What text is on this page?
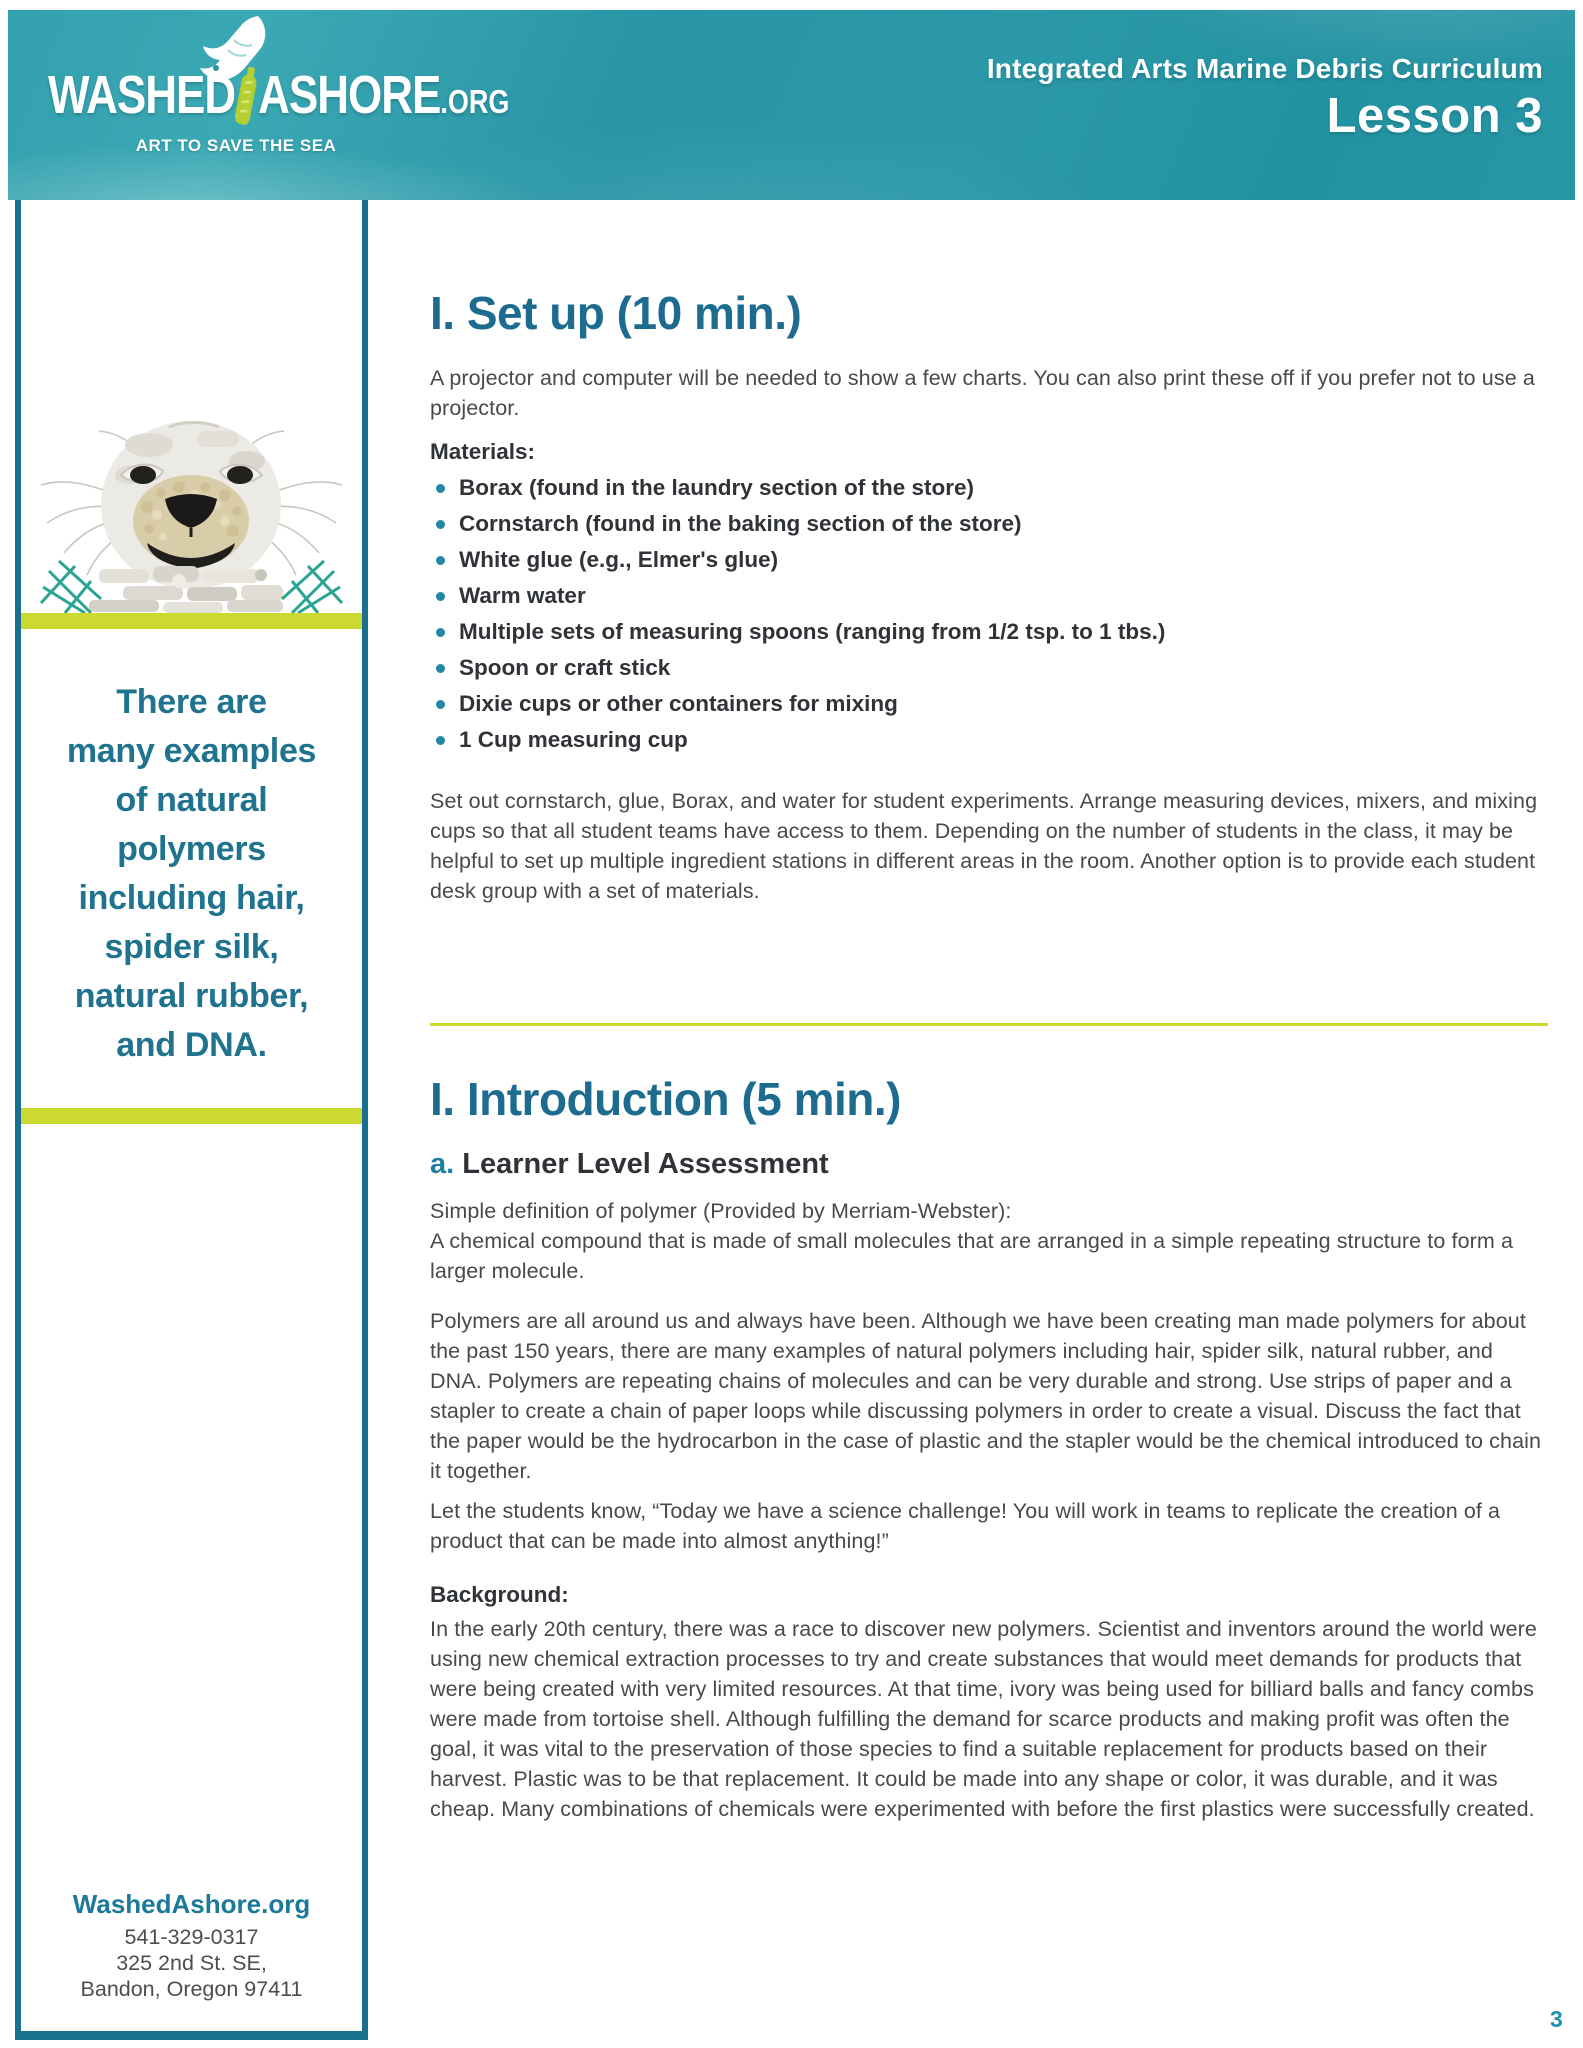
WASHED ASHORE.ORG
ART TO SAVE THE SEA
Integrated Arts Marine Debris Curriculum
Lesson 3
There are
many examples
of natural
polymers
including hair,
spider silk,
natural rubber,
and DNA.
WashedAshore.org
541-329-0317
325 2nd St. SE,
Bandon, Oregon 97411
I. Set up (10 min.)

A projector and computer will be needed to show a few charts. You can also print these off if you prefer not to use a projector.

Materials:
Borax (found in the laundry section of the store)
Cornstarch (found in the baking section of the store)
White glue (e.g., Elmer's glue)
Warm water
Multiple sets of measuring spoons (ranging from 1/2 tsp. to 1 tbs.)
Spoon or craft stick
Dixie cups or other containers for mixing
1 Cup measuring cup

Set out cornstarch, glue, Borax, and water for student experiments. Arrange measuring devices, mixers, and mixing cups so that all student teams have access to them. Depending on the number of students in the class, it may be helpful to set up multiple ingredient stations in different areas in the room. Another option is to provide each student desk group with a set of materials.

I. Introduction (5 min.)
a. Learner Level Assessment

Simple definition of polymer (Provided by Merriam-Webster):
A chemical compound that is made of small molecules that are arranged in a simple repeating structure to form a larger molecule.

Polymers are all around us and always have been. Although we have been creating man made polymers for about the past 150 years, there are many examples of natural polymers including hair, spider silk, natural rubber, and DNA. Polymers are repeating chains of molecules and can be very durable and strong. Use strips of paper and a stapler to create a chain of paper loops while discussing polymers in order to create a visual. Discuss the fact that the paper would be the hydrocarbon in the case of plastic and the stapler would be the chemical introduced to chain it together.

Let the students know, “Today we have a science challenge! You will work in teams to replicate the creation of a product that can be made into almost anything!”

Background:

In the early 20th century, there was a race to discover new polymers. Scientist and inventors around the world were using new chemical extraction processes to try and create substances that would meet demands for products that were being created with very limited resources. At that time, ivory was being used for billiard balls and fancy combs were made from tortoise shell. Although fulfilling the demand for scarce products and making profit was often the goal, it was vital to the preservation of those species to find a suitable replacement for products based on their harvest. Plastic was to be that replacement. It could be made into any shape or color, it was durable, and it was cheap. Many combinations of chemicals were experimented with before the first plastics were successfully created.

3
